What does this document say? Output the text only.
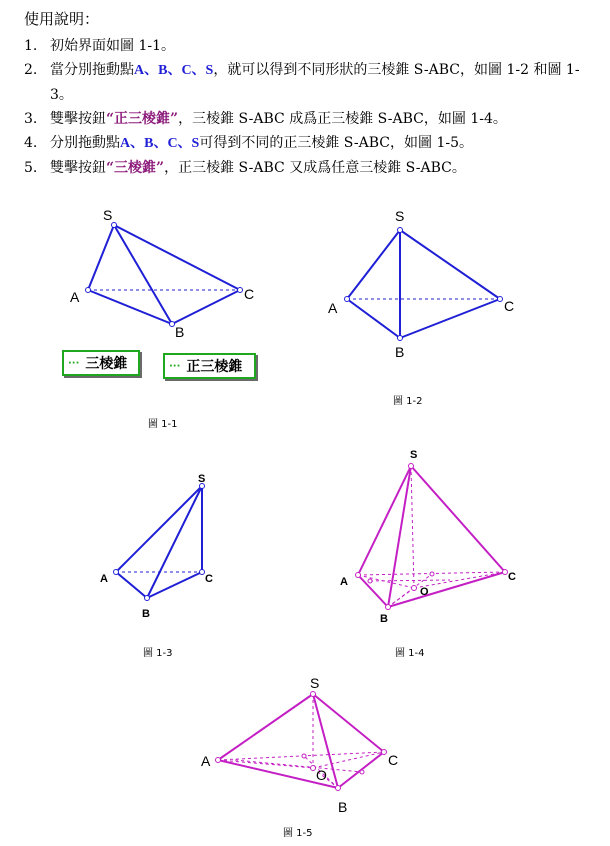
使用說明：
1. 初始界面如圖 1-1。
2. 當分別拖動點A、B、C、S，就可以得到不同形狀的三棱錐 S-ABC，如圖 1-2 和圖 1-3。
3. 雙擊按鈕“正三棱錐”，三棱錐 S-ABC 成爲正三棱錐 S-ABC，如圖 1-4。
4. 分別拖動點A、B、C、S可得到不同的正三棱錐 S-ABC，如圖 1-5。
5. 雙擊按鈕“三棱錐”，正三棱錐 S-ABC 又成爲任意三棱錐 S-ABC。
S
A
B
C
圖 1-1
S
A
B
C
圖 1-2
S
A
B
C
圖 1-3
S
A
B
C
O
圖 1-4
S
A
B
C
O
圖 1-5
··· 三棱錐	··· 正三棱錐
